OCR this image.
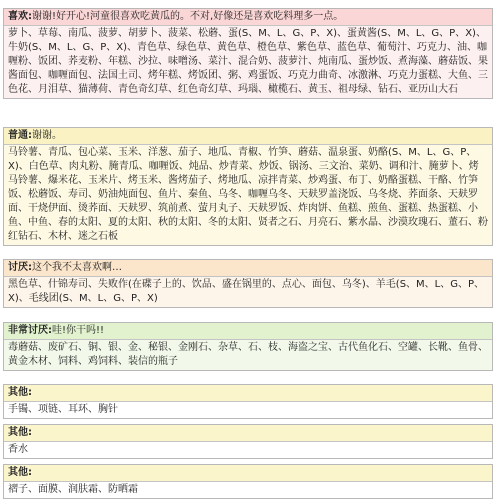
喜欢:谢谢!好开心!河童很喜欢吃黄瓜的。不对,好像还是喜欢吃料理多一点。

萝卜、草莓、南瓜、菠萝、胡萝卜、菠菜、松蘑、蛋(S、M、L、G、P、X)、蛋黄酱(S、M、L、G、P、X)、牛奶(S、M、L、G、P、X)、青色草、绿色草、黄色草、橙色草、紫色草、蓝色草、葡萄汁、巧克力、油、咖喱粉、饭团、荞麦粉、年糕、沙拉、味噌汤、菜汁、混合奶、菠萝汁、炖南瓜、蛋炒饭、煮海藻、蘑菇饭、果酱面包、咖喱面包、法国土司、烤年糕、烤饭团、粥、鸡蛋饭、巧克力曲奇、冰激淋、巧克力蛋糕、大鱼、三色花、月泪草、猫薄荷、青色奇幻草、红色奇幻草、玛瑙、橄榄石、黄玉、祖母绿、钻石、亚历山大石

普通:谢谢。

马铃薯、青瓜、包心菜、玉米、洋葱、茄子、地瓜、青椒、竹笋、蘑菇、温泉蛋、奶酪(S、M、L、G、P、X)、白色草、肉丸粉、腌青瓜、咖喱饭、炖品、炒青菜、炒饭、锅汤、三文治、菜奶、调和汁、腌萝卜、烤马铃薯、爆米花、玉米片、烤玉米、酱烤茄子、烤地瓜、凉拌青菜、炒鸡蛋、布丁、奶酪蛋糕、干酪、竹笋饭、松蘑饭、寿司、奶油炖面包、鱼片、秦鱼、乌冬、咖喱乌冬、天麸罗盖浇饭、乌冬烧、荞面条、天麸罗面、干烧伊面、烫荞面、天麸罗、筑前煮、萤月丸子、天麸罗饭、炸肉饼、鱼糕、煎鱼、蛋糕、热蛋糕、小鱼、中鱼、春的太阳、夏的太阳、秋的太阳、冬的太阳、贤者之石、月亮石、紫水晶、沙漠玫瑰石、董石、粉红钻石、木材、迷之石板

讨厌:这个我不太喜欢啊…

黑色草、什锦寿司、失败作(在碟子上的、饮品、盛在锅里的、点心、面包、乌冬)、羊毛(S、M、L、G、P、X)、毛线团(S、M、L、G、P、X)

非常讨厌:哇!你干吗!!

毒蘑菇、废矿石、铜、银、金、秘银、金刚石、杂草、石、枝、海盗之宝、古代鱼化石、空罐、长靴、鱼骨、黄金木材、饲料、鸡饲料、装信的瓶子

其他:

手镯、项链、耳环、胸针

其他:

香水

其他:

褶子、面膜、润肤霜、防晒霜
